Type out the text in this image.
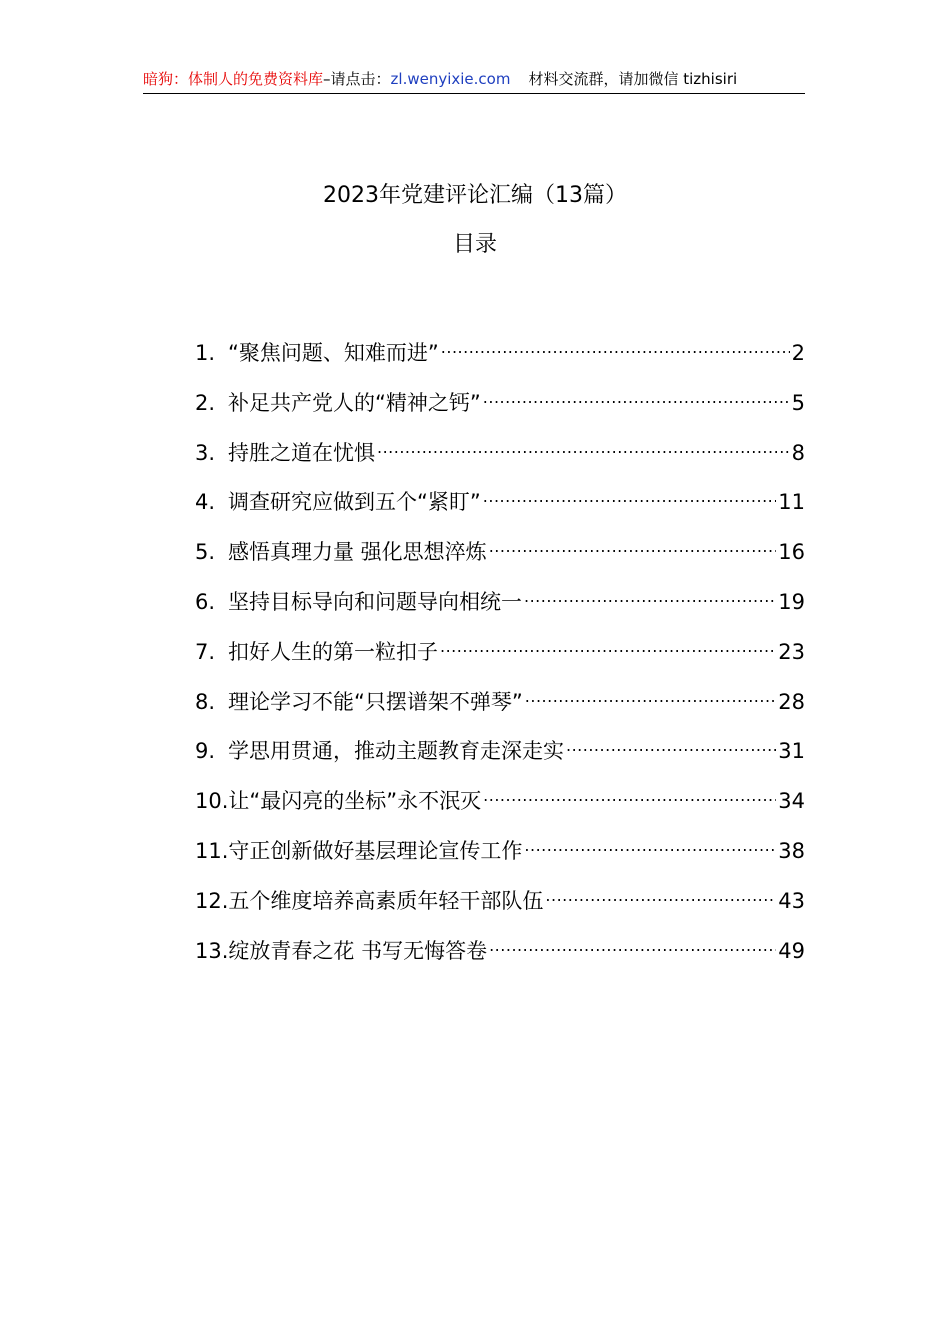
暗狗：体制人的免费资料库–请点击：zl.wenyixie.com 材料交流群，请加微信 tizhisiri
2023年党建评论汇编（13篇）
目录
1. “聚焦问题、知难而进” .....	2
2. 补足共产党人的“精神之钙” .....	5
3. 持胜之道在忧惧 .....	8
4. 调查研究应做到五个“紧盯” .....	11
5. 感悟真理力量 强化思想淬炼 .....	16
6. 坚持目标导向和问题导向相统一 .....	19
7. 扣好人生的第一粒扣子 .....	23
8. 理论学习不能“只摆谱架不弹琴” .....	28
9. 学思用贯通，推动主题教育走深走实 .....	31
10. 让“最闪亮的坐标”永不泯灭 .....	34
11. 守正创新做好基层理论宣传工作 .....	38
12. 五个维度培养高素质年轻干部队伍 .....	43
13. 绽放青春之花 书写无悔答卷 .....	49
